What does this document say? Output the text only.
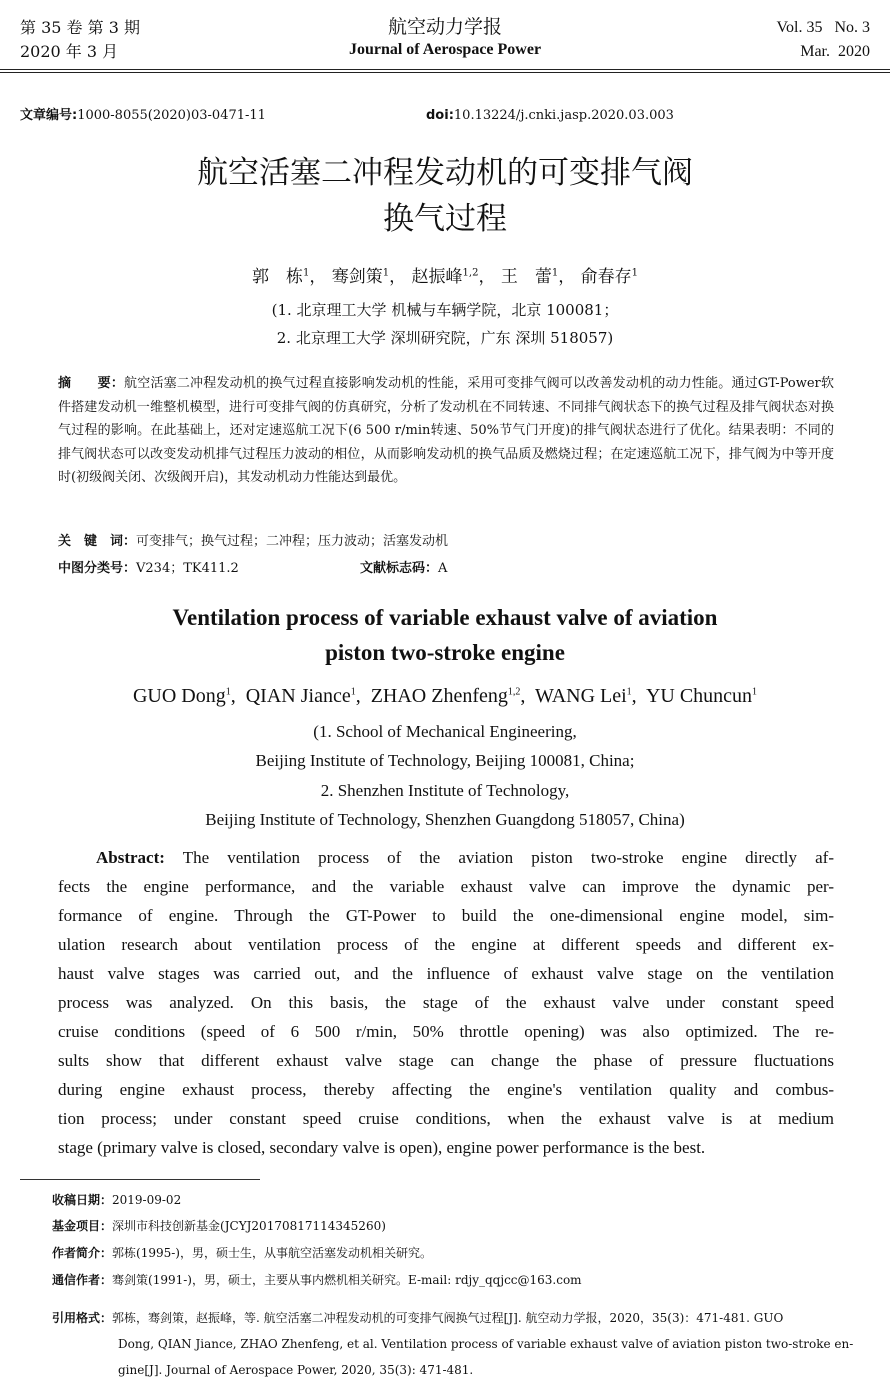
第 35 卷 第 3 期
2020 年 3 月
航空动力学报
Journal of Aerospace Power
Vol. 35   No. 3
Mar.  2020
文章编号:1000-8055(2020)03-0471-11	doi:10.13224/j.cnki.jasp.2020.03.003
航空活塞二冲程发动机的可变排气阀
换气过程
郭　栋$^1$， 骞剑策$^1$， 赵振峰$^{1,2}$， 王　蕾$^1$， 俞春存$^1$
(1. 北京理工大学 机械与车辆学院，北京 100081；
2. 北京理工大学 深圳研究院，广东 深圳 518057)
摘　　要：航空活塞二冲程发动机的换气过程直接影响发动机的性能，采用可变排气阀可以改善发动机的动力性能。通过GT-Power软件搭建发动机一维整机模型，进行可变排气阀的仿真研究，分析了发动机在不同转速、不同排气阀状态下的换气过程及排气阀状态对换气过程的影响。在此基础上，还对定速巡航工况下(6 500 r/min转速、50%节气门开度)的排气阀状态进行了优化。结果表明：不同的排气阀状态可以改变发动机排气过程压力波动的相位，从而影响发动机的换气品质及燃烧过程；在定速巡航工况下，排气阀为中等开度时(初级阀关闭、次级阀开启)，其发动机动力性能达到最优。
关　键　词：可变排气；换气过程；二冲程；压力波动；活塞发动机
中图分类号：V234；TK411.2	文献标志码：A
Ventilation process of variable exhaust valve of aviation
piston two-stroke engine
GUO Dong$^1$,  QIAN Jiance$^1$,  ZHAO Zhenfeng$^{1,2}$,  WANG Lei$^1$,  YU Chuncun$^1$
(1. School of Mechanical Engineering,
Beijing Institute of Technology, Beijing 100081, China;
2. Shenzhen Institute of Technology,
Beijing Institute of Technology, Shenzhen Guangdong 518057, China)
Abstract: The ventilation process of the aviation piston two-stroke engine directly af-
fects the engine performance, and the variable exhaust valve can improve the dynamic per-
formance of engine. Through the GT-Power to build the one-dimensional engine model, sim-
ulation research about ventilation process of the engine at different speeds and different ex-
haust valve stages was carried out, and the influence of exhaust valve stage on the ventilation
process was analyzed. On this basis, the stage of the exhaust valve under constant speed
cruise conditions (speed of 6 500 r/min, 50% throttle opening) was also optimized. The re-
sults show that different exhaust valve stage can change the phase of pressure fluctuations
during engine exhaust process, thereby affecting the engine's ventilation quality and combus-
tion process; under constant speed cruise conditions, when the exhaust valve is at medium
stage (primary valve is closed, secondary valve is open), engine power performance is the best.
收稿日期：2019-09-02
基金项目：深圳市科技创新基金(JCYJ20170817114345260)
作者简介：郭栋(1995-)，男，硕士生，从事航空活塞发动机相关研究。
通信作者：骞剑策(1991-)，男，硕士，主要从事内燃机相关研究。E-mail: rdjy_qqjcc@163.com
引用格式：郭栋，骞剑策，赵振峰，等. 航空活塞二冲程发动机的可变排气阀换气过程[J]. 航空动力学报，2020，35(3)：471-481. GUO
Dong, QIAN Jiance, ZHAO Zhenfeng, et al. Ventilation process of variable exhaust valve of aviation piston two-stroke en-
gine[J]. Journal of Aerospace Power, 2020, 35(3): 471-481.
